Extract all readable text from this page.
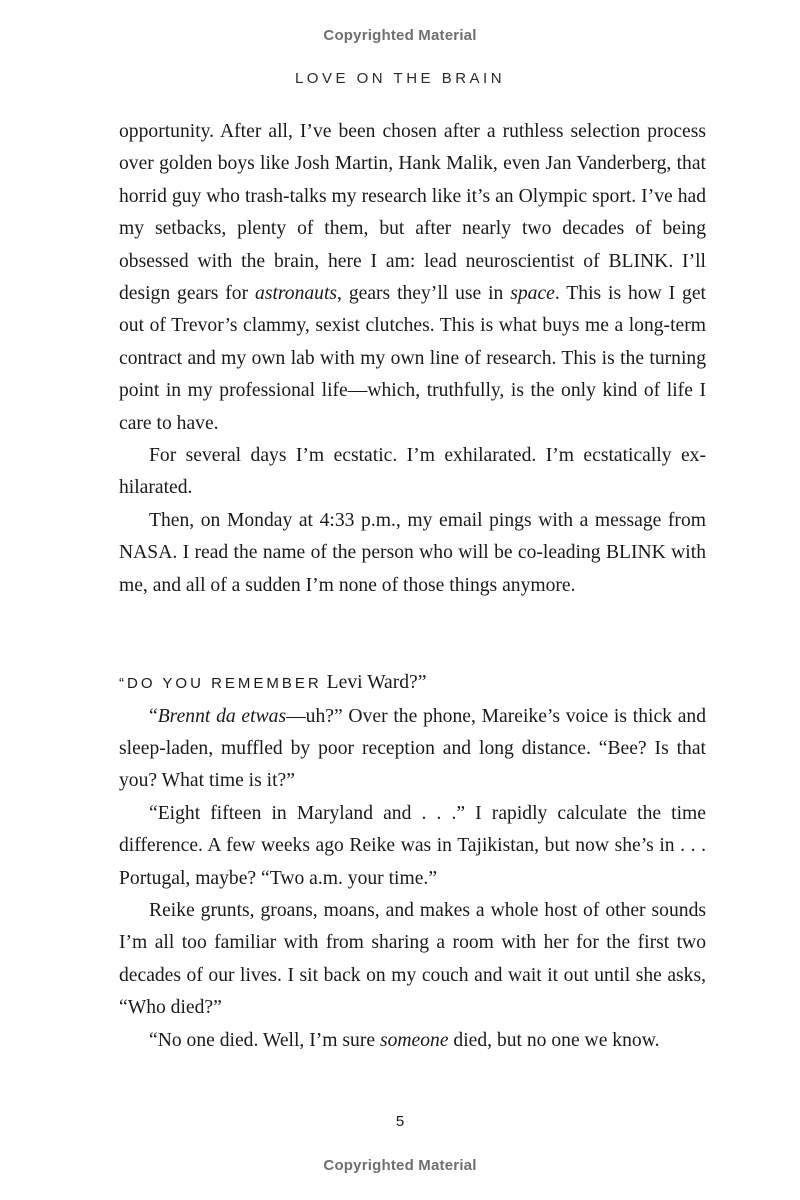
Copyrighted Material
LOVE ON THE BRAIN

opportunity. After all, I’ve been chosen after a ruthless selection process over golden boys like Josh Martin, Hank Malik, even Jan Vanderberg, that horrid guy who trash-talks my research like it’s an Olympic sport. I’ve had my setbacks, plenty of them, but after nearly two decades of being obsessed with the brain, here I am: lead neuroscientist of BLINK. I’ll design gears for astronauts, gears they’ll use in space. This is how I get out of Trevor’s clammy, sexist clutches. This is what buys me a long-term contract and my own lab with my own line of research. This is the turning point in my professional life—which, truthfully, is the only kind of life I care to have.

For several days I’m ecstatic. I’m exhilarated. I’m ecstatically exhilarated.

Then, on Monday at 4:33 p.m., my email pings with a message from NASA. I read the name of the person who will be co-leading BLINK with me, and all of a sudden I’m none of those things anymore.

“DO YOU REMEMBER Levi Ward?”

“Brennt da etwas—uh?” Over the phone, Mareike’s voice is thick and sleep-laden, muffled by poor reception and long distance. “Bee? Is that you? What time is it?”

“Eight fifteen in Maryland and . . .” I rapidly calculate the time difference. A few weeks ago Reike was in Tajikistan, but now she’s in . . . Portugal, maybe? “Two a.m. your time.”

Reike grunts, groans, moans, and makes a whole host of other sounds I’m all too familiar with from sharing a room with her for the first two decades of our lives. I sit back on my couch and wait it out until she asks, “Who died?”

“No one died. Well, I’m sure someone died, but no one we know.

5
Copyrighted Material
